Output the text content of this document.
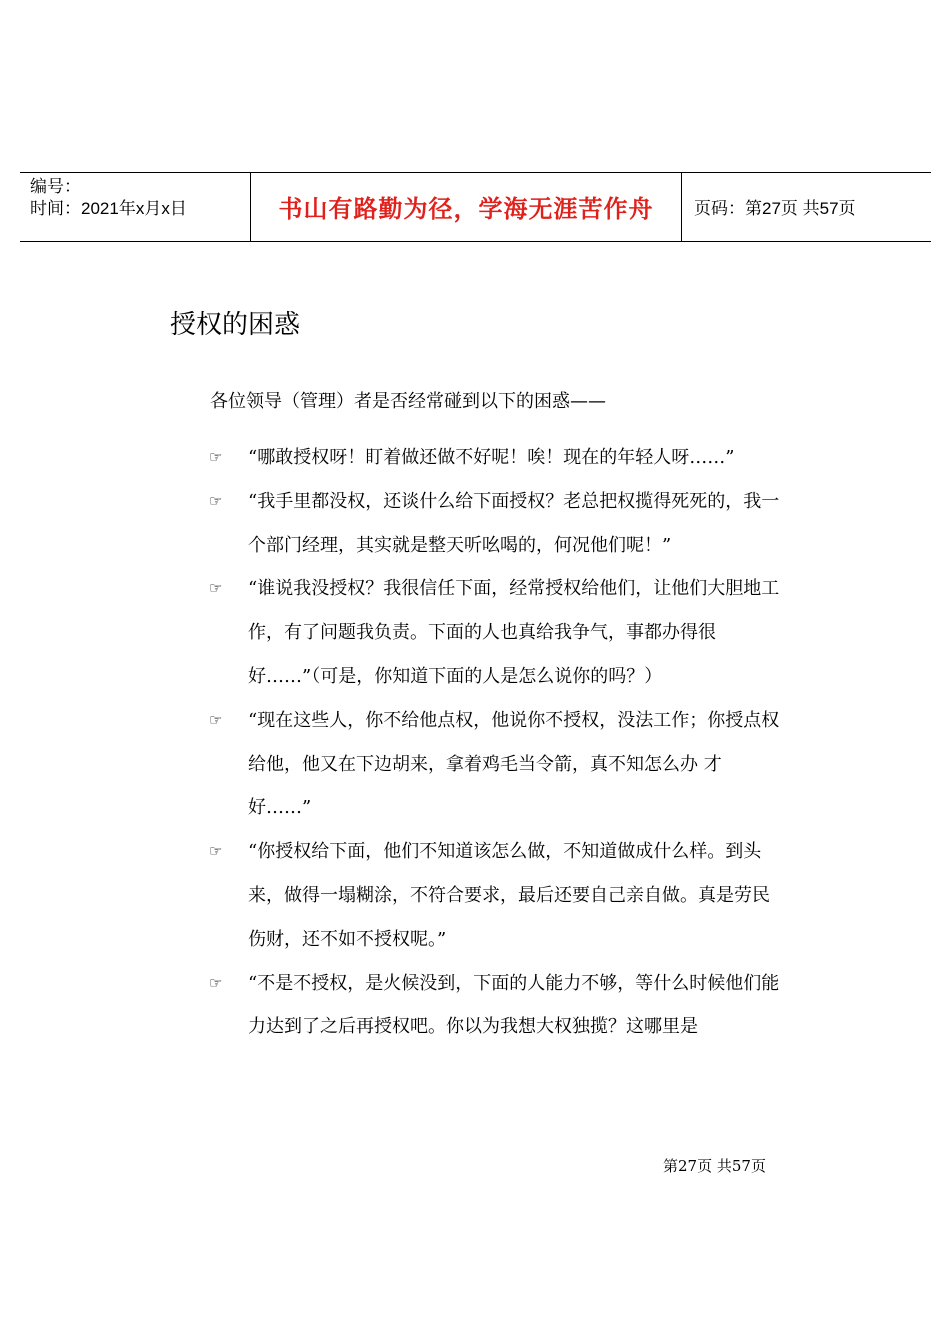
编号：
时间：2021年x月x日	书山有路勤为径，学海无涯苦作舟	页码：第27页 共57页
授权的困惑
各位领导（管理）者是否经常碰到以下的困惑——
☞	“哪敢授权呀！盯着做还做不好呢！唉！现在的年轻人呀……”
☞	“我手里都没权，还谈什么给下面授权？老总把权揽得死死的，我一个部门经理，其实就是整天听吆喝的，何况他们呢！”
☞	“谁说我没授权？我很信任下面，经常授权给他们，让他们大胆地工作，有了问题我负责。下面的人也真给我争气，事都办得很好……”（可是，你知道下面的人是怎么说你的吗？）
☞	“现在这些人，你不给他点权，他说你不授权，没法工作；你授点权给他，他又在下边胡来，拿着鸡毛当令箭，真不知怎么办 才好……”
☞	“你授权给下面，他们不知道该怎么做，不知道做成什么样。到头来，做得一塌糊涂，不符合要求，最后还要自己亲自做。真是劳民伤财，还不如不授权呢。”
☞	“不是不授权，是火候没到，下面的人能力不够，等什么时候他们能力达到了之后再授权吧。你以为我想大权独揽？这哪里是
第27页 共57页
